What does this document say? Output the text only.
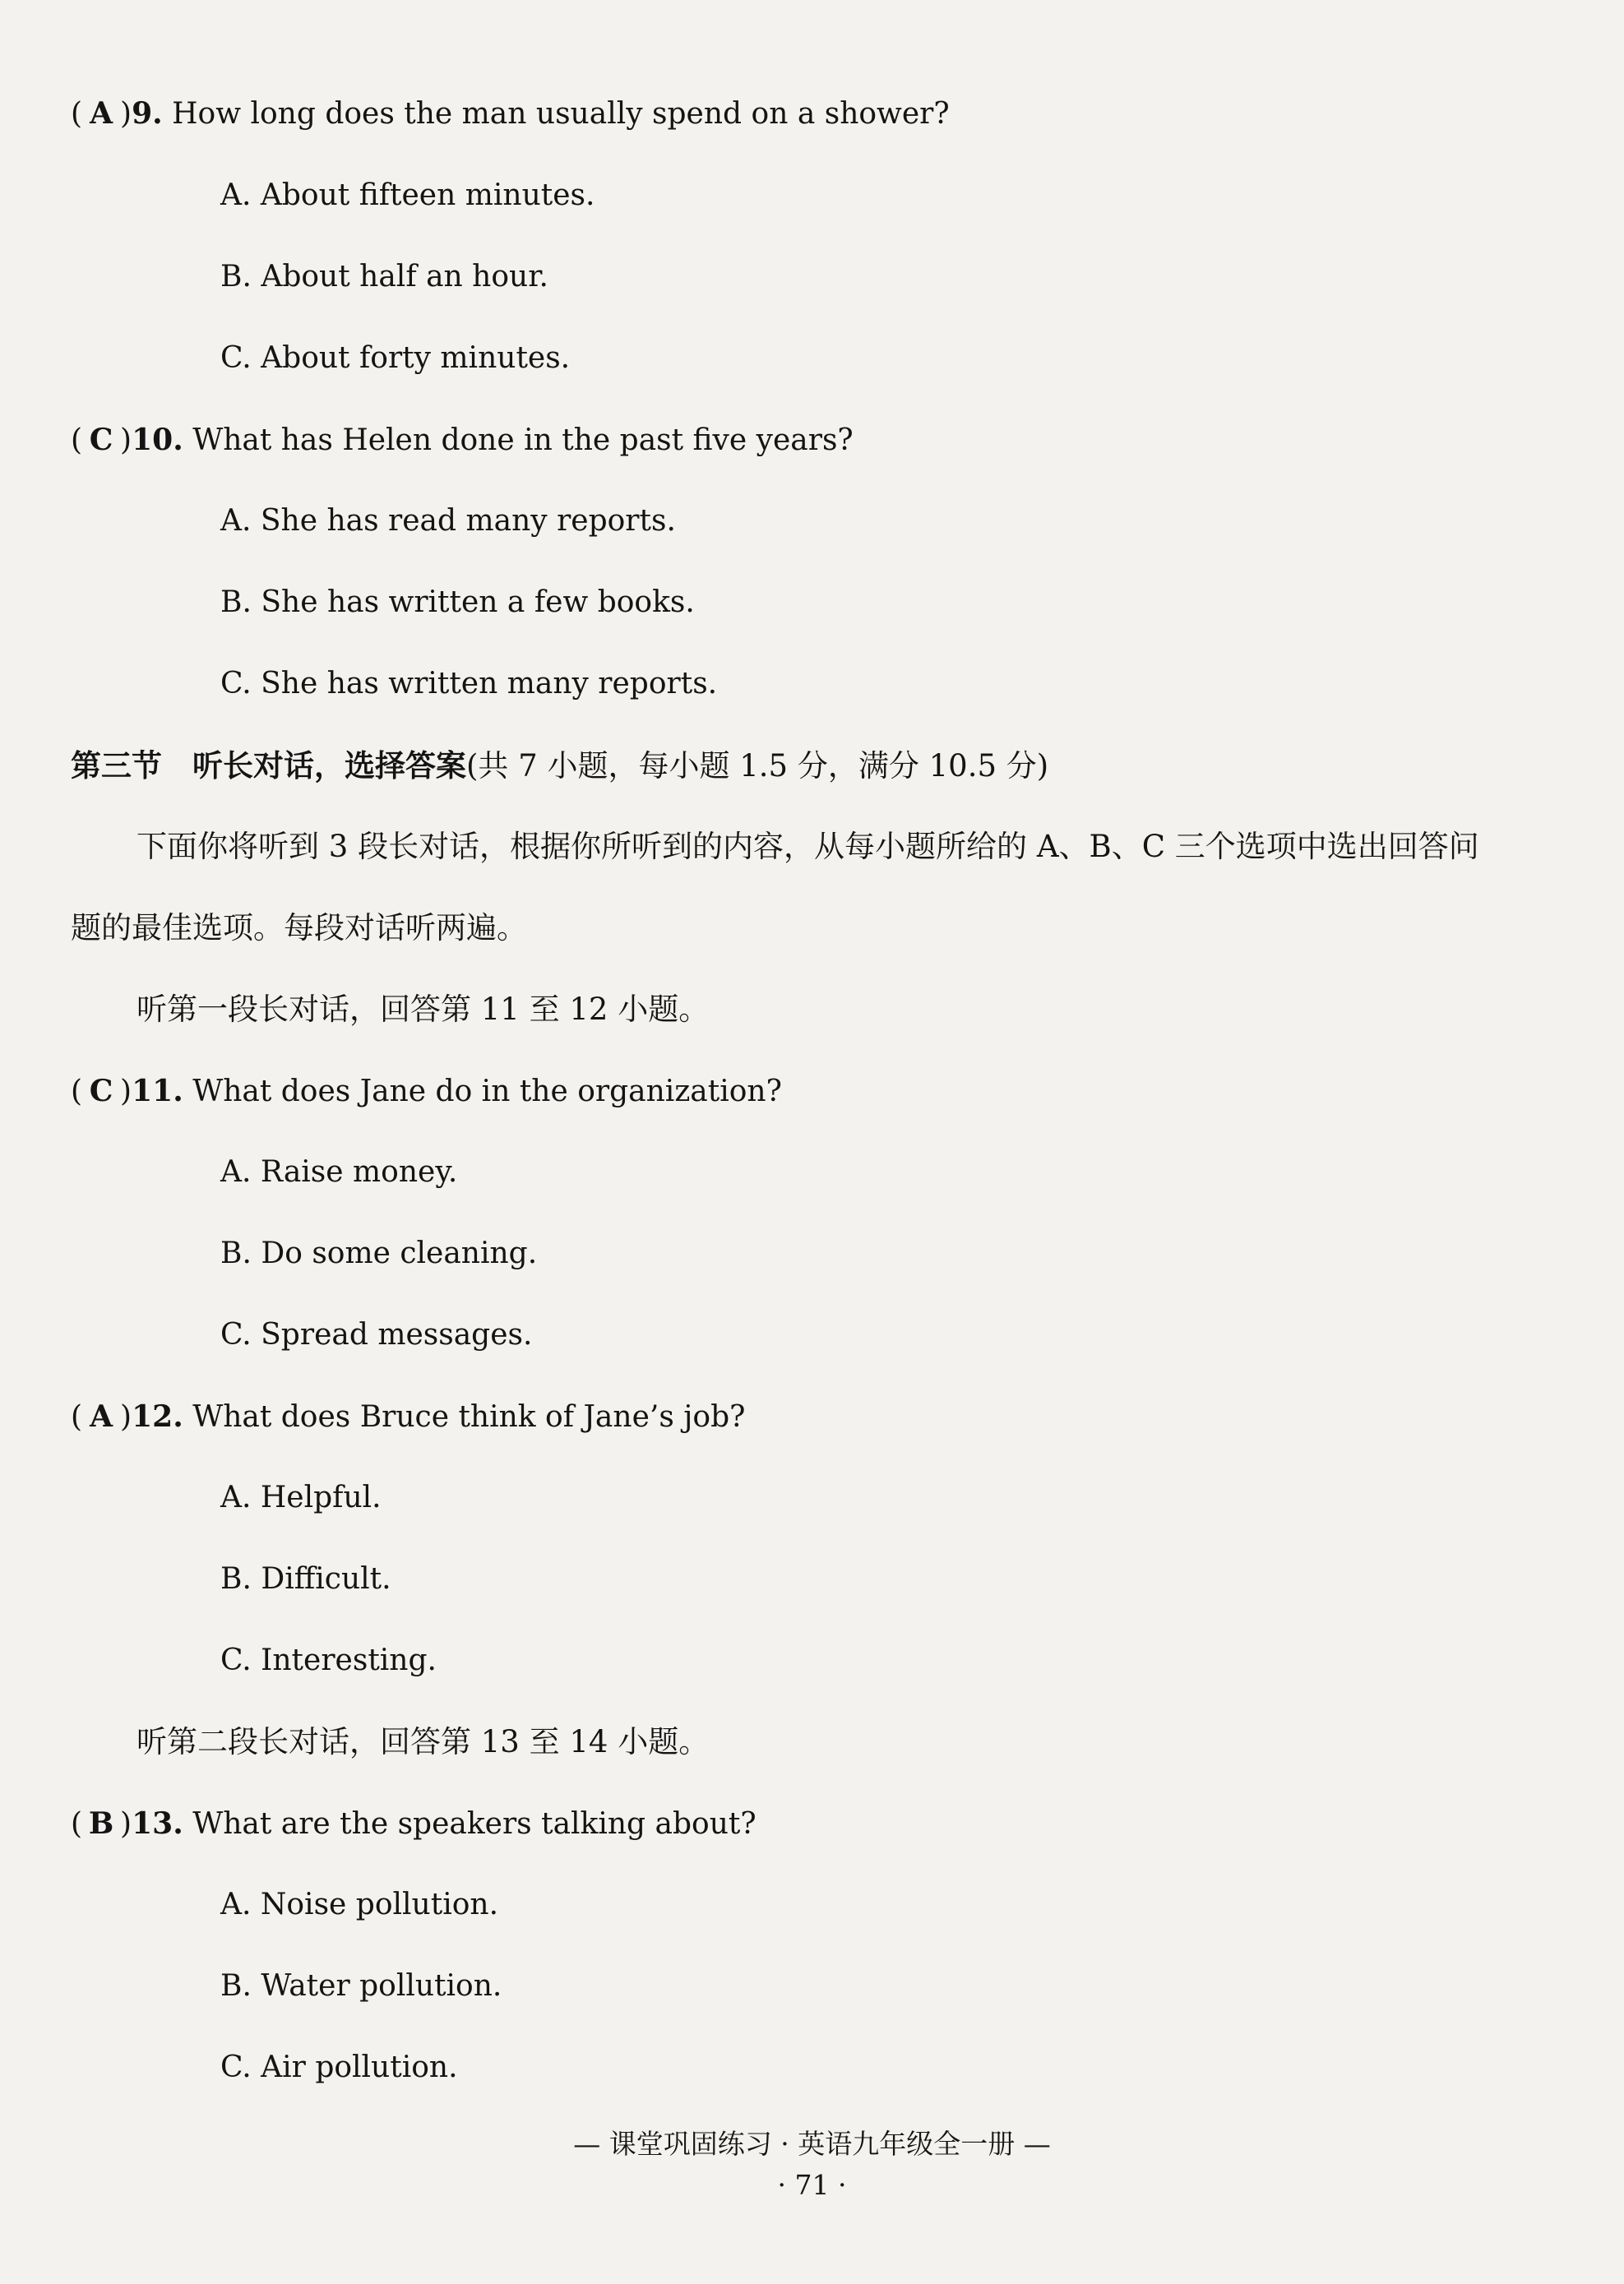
( A )9. How long does the man usually spend on a shower?
A. About fifteen minutes.
B. About half an hour.
C. About forty minutes.
( C )10. What has Helen done in the past five years?
A. She has read many reports.
B. She has written a few books.
C. She has written many reports.
第三节　听长对话，选择答案(共 7 小题，每小题 1.5 分，满分 10.5 分)
下面你将听到 3 段长对话，根据你所听到的内容，从每小题所给的 A、B、C 三个选项中选出回答问
题的最佳选项。每段对话听两遍。
听第一段长对话，回答第 11 至 12 小题。
( C )11. What does Jane do in the organization?
A. Raise money.
B. Do some cleaning.
C. Spread messages.
( A )12. What does Bruce think of Jane’s job?
A. Helpful.
B. Difficult.
C. Interesting.
听第二段长对话，回答第 13 至 14 小题。
( B )13. What are the speakers talking about?
A. Noise pollution.
B. Water pollution.
C. Air pollution.
— 课堂巩固练习 · 英语九年级全一册 —
· 71 ·
